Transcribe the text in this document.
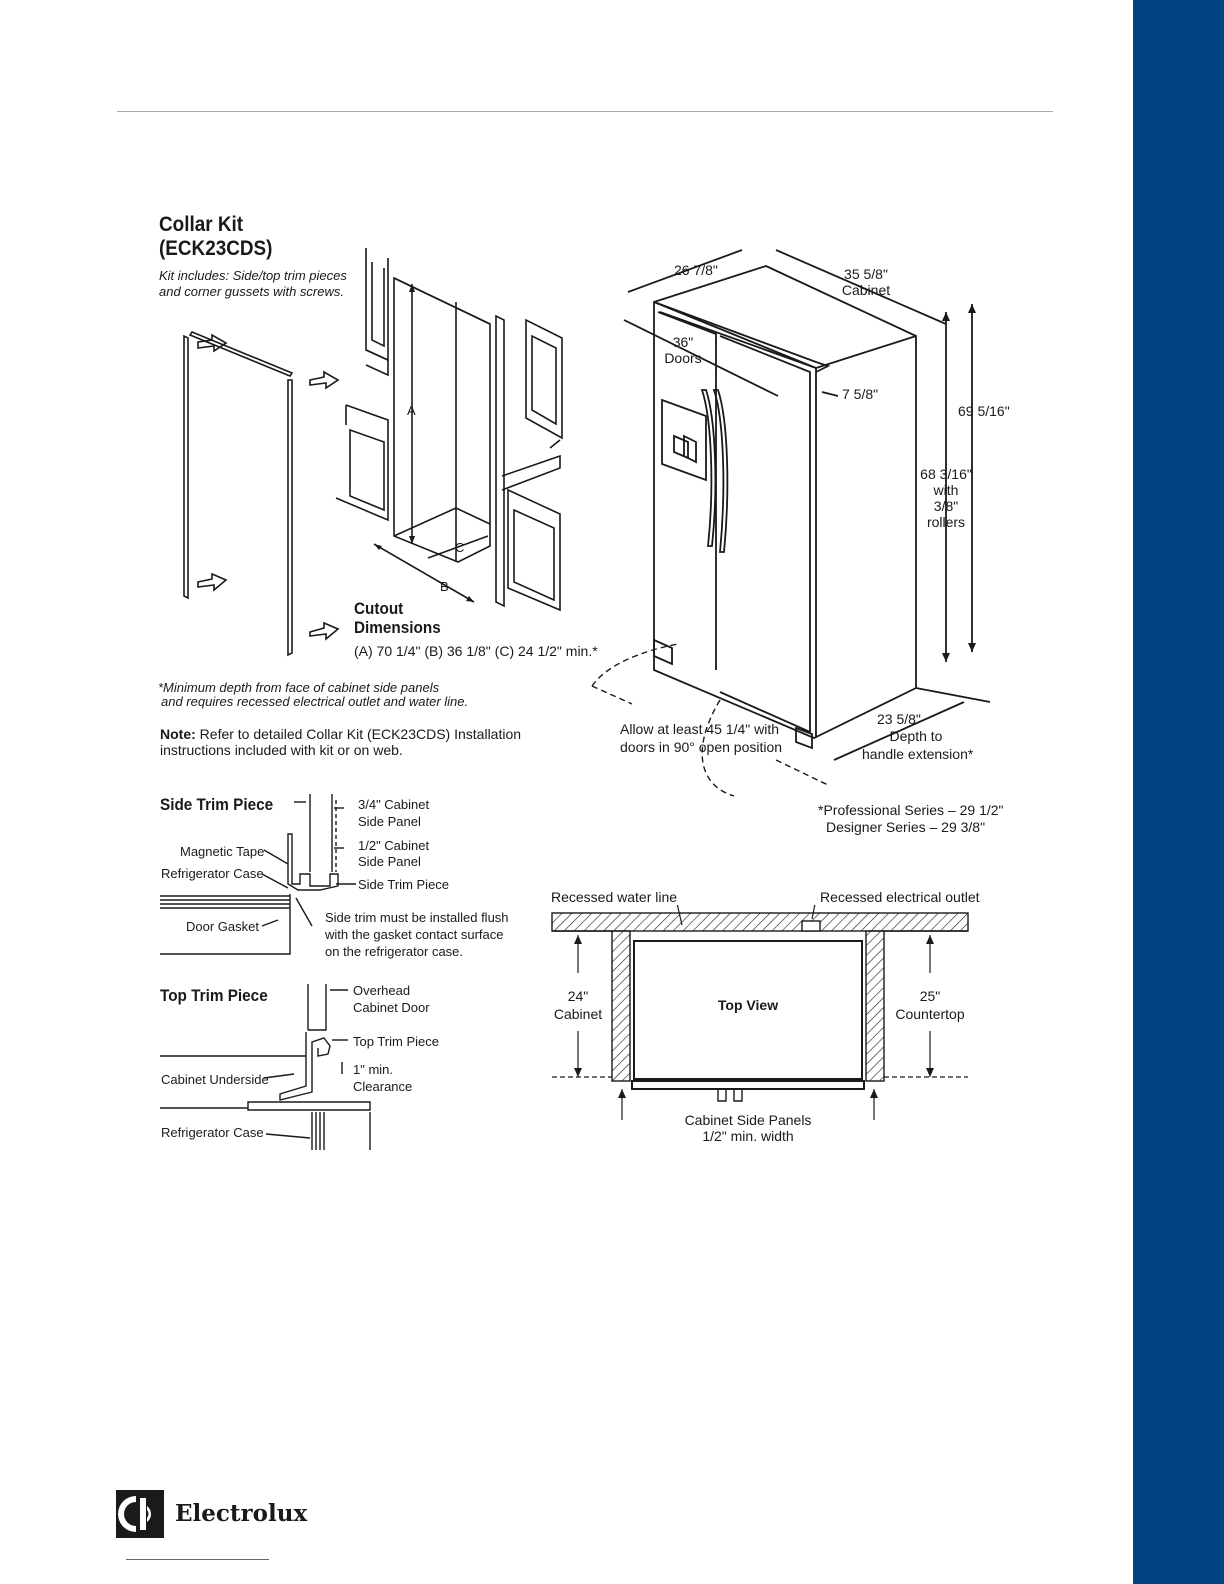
Collar Kit
(ECK23CDS)
Kit includes: Side/top trim pieces
and corner gussets with screws.
A
C
B
Cutout
Dimensions
(A) 70 1/4" (B) 36 1/8" (C) 24 1/2" min.*
*Minimum depth from face of cabinet side panels
and requires recessed electrical outlet and water line.
Note: Refer to detailed Collar Kit (ECK23CDS) Installation
instructions included with kit or on web.
26 7/8"	35 5/8"
Cabinet
36"
Doors
7 5/8"
69 5/16"
68 3/16"
with
3/8"
rollers
Allow at least 45 1/4" with
doors in 90° open position
23 5/8"
Depth to
handle extension*
*Professional Series – 29 1/2"
Designer Series – 29 3/8"
Side Trim Piece	3/4" Cabinet
Side Panel
1/2" Cabinet
Side Panel
Magnetic Tape
Refrigerator Case
Side Trim Piece
Door Gasket
Side trim must be installed flush
with the gasket contact surface
on the refrigerator case.
Top Trim Piece	Overhead
Cabinet Door
Top Trim Piece
1" min.
Clearance
Cabinet Underside
Refrigerator Case
Recessed water line	Recessed electrical outlet
Top View
24"
Cabinet
25"
Countertop
Cabinet Side Panels
1/2" min. width
Electrolux
